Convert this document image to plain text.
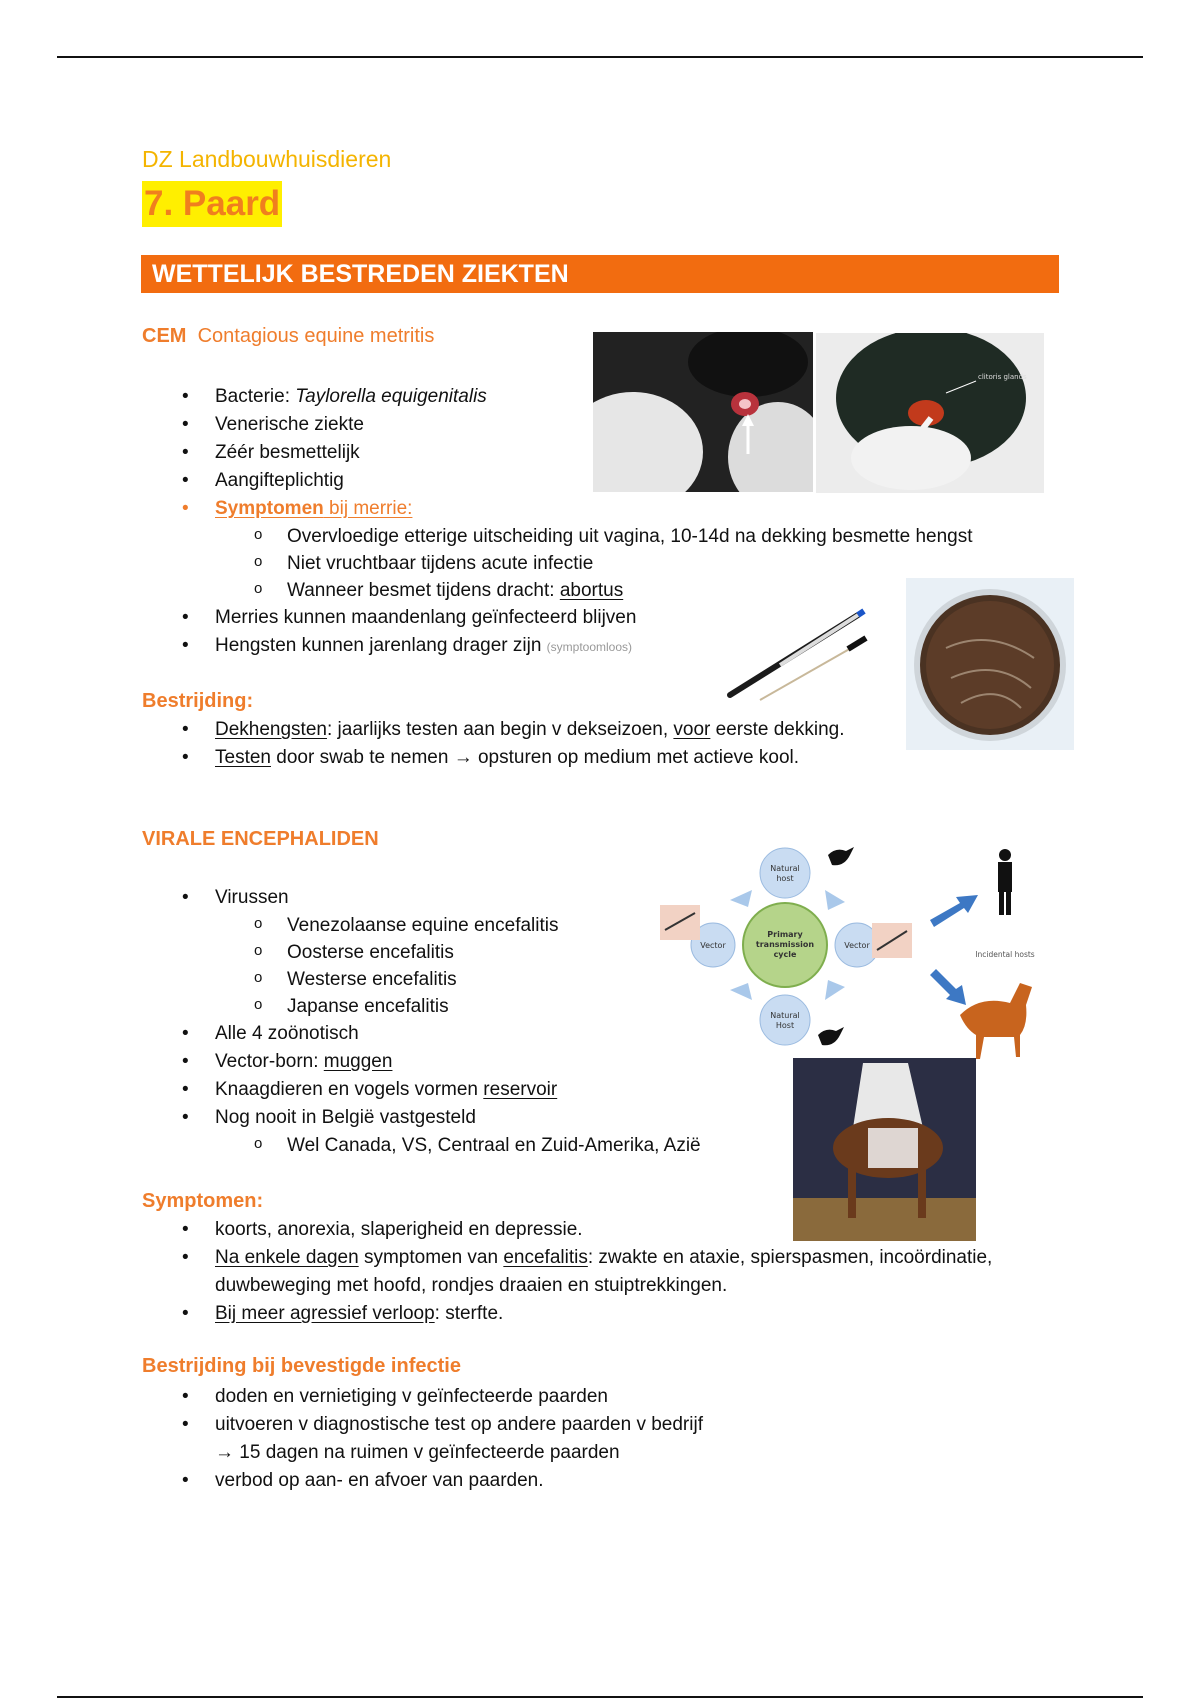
DZ Landbouwhuisdieren
7. Paard
WETTELIJK BESTREDEN ZIEKTEN
CEM Contagious equine metritis
• Bacterie: Taylorella equigenitalis
• Venerische ziekte
• Zéér besmettelijk
• Aangifteplichtig
• Symptomen bij merrie:
o Overvloedige etterige uitscheiding uit vagina, 10-14d na dekking besmette hengst
o Niet vruchtbaar tijdens acute infectie
o Wanneer besmet tijdens dracht: abortus
• Merries kunnen maandenlang geïnfecteerd blijven
• Hengsten kunnen jarenlang drager zijn (symptoomloos)
clitoris glands
Bestrijding:
• Dekhengsten: jaarlijks testen aan begin v dekseizoen, voor eerste dekking.
• Testen door swab te nemen → opsturen op medium met actieve kool.
VIRALE ENCEPHALIDEN
• Virussen
o Venezolaanse equine encefalitis
o Oosterse encefalitis
o Westerse encefalitis
o Japanse encefalitis
• Alle 4 zoönotisch
• Vector-born: muggen
• Knaagdieren en vogels vormen reservoir
• Nog nooit in België vastgesteld
o Wel Canada, VS, Centraal en Zuid-Amerika, Azië
Primary
transmission
cycle
Natural
host
Natural
Host
Vector	Vector
Incidental hosts
Symptomen:
• koorts, anorexia, slaperigheid en depressie.
• Na enkele dagen symptomen van encefalitis: zwakte en ataxie, spierspasmen, incoördinatie,
duwbeweging met hoofd, rondjes draaien en stuiptrekkingen.
• Bij meer agressief verloop: sterfte.
Bestrijding bij bevestigde infectie
• doden en vernietiging v geïnfecteerde paarden
• uitvoeren v diagnostische test op andere paarden v bedrijf
→ 15 dagen na ruimen v geïnfecteerde paarden
• verbod op aan- en afvoer van paarden.
